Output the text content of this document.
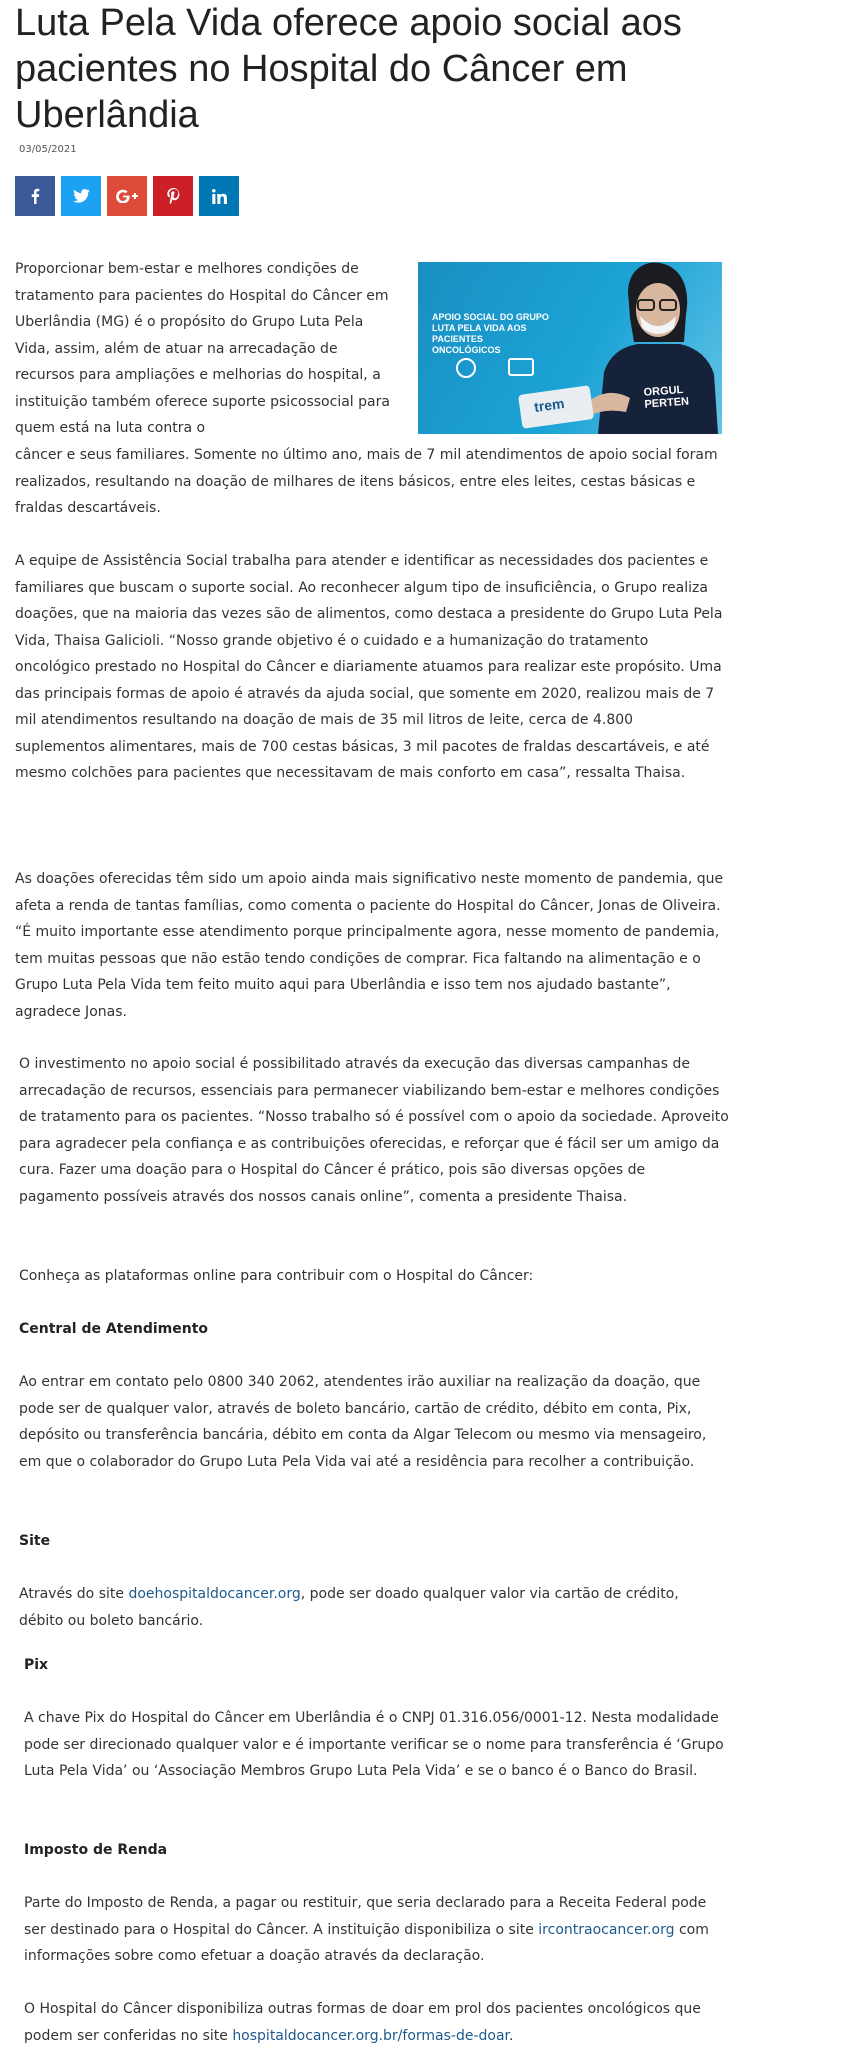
Luta Pela Vida oferece apoio social aos pacientes no Hospital do Câncer em Uberlândia
03/05/2021
APOIO SOCIAL DO GRUPO LUTA PELA VIDA AOS PACIENTES ONCOLÓGICOS
trem
ORGUL PERTEN

Proporcionar bem-estar e melhores condições de tratamento para pacientes do Hospital do Câncer em Uberlândia (MG) é o propósito do Grupo Luta Pela Vida, assim, além de atuar na arrecadação de recursos para ampliações e melhorias do hospital, a instituição também oferece suporte psicossocial para quem está na luta contra o

câncer e seus familiares. Somente no último ano, mais de 7 mil atendimentos de apoio social foram realizados, resultando na doação de milhares de itens básicos, entre eles leites, cestas básicas e fraldas descartáveis.

A equipe de Assistência Social trabalha para atender e identificar as necessidades dos pacientes e familiares que buscam o suporte social. Ao reconhecer algum tipo de insuficiência, o Grupo realiza doações, que na maioria das vezes são de alimentos, como destaca a presidente do Grupo Luta Pela Vida, Thaisa Galicioli. “Nosso grande objetivo é o cuidado e a humanização do tratamento oncológico prestado no Hospital do Câncer e diariamente atuamos para realizar este propósito. Uma das principais formas de apoio é através da ajuda social, que somente em 2020, realizou mais de 7 mil atendimentos resultando na doação de mais de 35 mil litros de leite, cerca de 4.800 suplementos alimentares, mais de 700 cestas básicas, 3 mil pacotes de fraldas descartáveis, e até mesmo colchões para pacientes que necessitavam de mais conforto em casa”, ressalta Thaisa.

As doações oferecidas têm sido um apoio ainda mais significativo neste momento de pandemia, que afeta a renda de tantas famílias, como comenta o paciente do Hospital do Câncer, Jonas de Oliveira. “É muito importante esse atendimento porque principalmente agora, nesse momento de pandemia, tem muitas pessoas que não estão tendo condições de comprar. Fica faltando na alimentação e o Grupo Luta Pela Vida tem feito muito aqui para Uberlândia e isso tem nos ajudado bastante”, agradece Jonas.

O investimento no apoio social é possibilitado através da execução das diversas campanhas de arrecadação de recursos, essenciais para permanecer viabilizando bem-estar e melhores condições de tratamento para os pacientes. “Nosso trabalho só é possível com o apoio da sociedade. Aproveito para agradecer pela confiança e as contribuições oferecidas, e reforçar que é fácil ser um amigo da cura. Fazer uma doação para o Hospital do Câncer é prático, pois são diversas opções de pagamento possíveis através dos nossos canais online”, comenta a presidente Thaisa.

Conheça as plataformas online para contribuir com o Hospital do Câncer:

Central de Atendimento

Ao entrar em contato pelo 0800 340 2062, atendentes irão auxiliar na realização da doação, que pode ser de qualquer valor, através de boleto bancário, cartão de crédito, débito em conta, Pix, depósito ou transferência bancária, débito em conta da Algar Telecom ou mesmo via mensageiro, em que o colaborador do Grupo Luta Pela Vida vai até a residência para recolher a contribuição.

Site

Através do site doehospitaldocancer.org, pode ser doado qualquer valor via cartão de crédito, débito ou boleto bancário.

Pix

A chave Pix do Hospital do Câncer em Uberlândia é o CNPJ 01.316.056/0001-12. Nesta modalidade pode ser direcionado qualquer valor e é importante verificar se o nome para transferência é ‘Grupo Luta Pela Vida’ ou ‘Associação Membros Grupo Luta Pela Vida’ e se o banco é o Banco do Brasil.

Imposto de Renda

Parte do Imposto de Renda, a pagar ou restituir, que seria declarado para a Receita Federal pode ser destinado para o Hospital do Câncer. A instituição disponibiliza o site ircontraocancer.org com informações sobre como efetuar a doação através da declaração.

O Hospital do Câncer disponibiliza outras formas de doar em prol dos pacientes oncológicos que podem ser conferidas no site hospitaldocancer.org.br/formas-de-doar.
